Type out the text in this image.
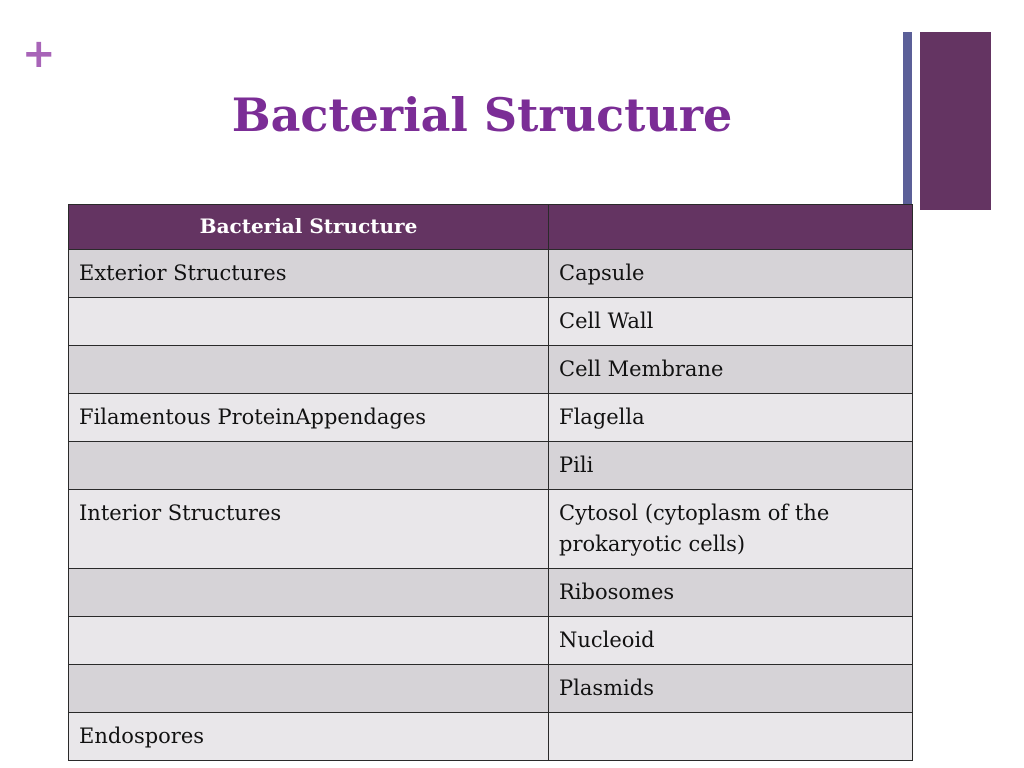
+
Bacterial Structure
Bacterial Structure	
Exterior Structures	Capsule
	Cell Wall
	Cell Membrane
Filamentous ProteinAppendages	Flagella
	Pili
Interior Structures	Cytosol (cytoplasm of the prokaryotic cells)
	Ribosomes
	Nucleoid
	Plasmids
Endospores	
